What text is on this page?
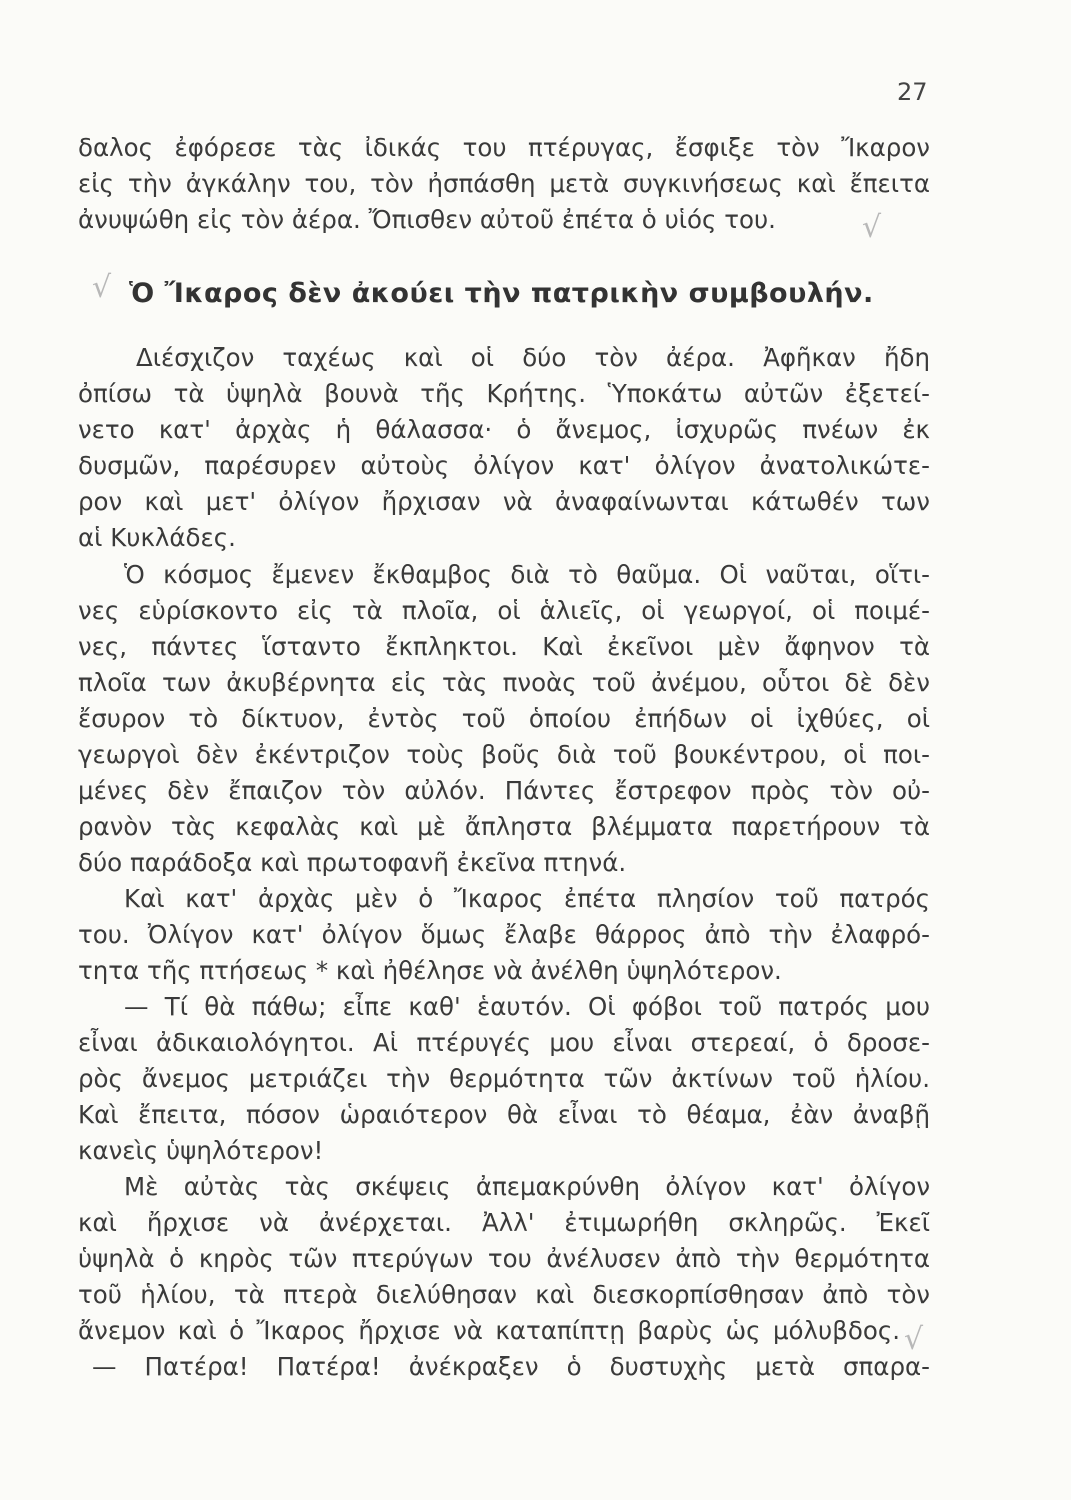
27
δαλος ἐφόρεσε τὰς ἰδικάς του πτέρυγας, ἔσφιξε τὸν Ἴκαρον
εἰς τὴν ἀγκάλην του, τὸν ἠσπάσθη μετὰ συγκινήσεως καὶ ἔπειτα
ἀνυψώθη εἰς τὸν ἀέρα. Ὄπισθεν αὐτοῦ ἐπέτα ὁ υἱός του.	√
√ Ὁ Ἴκαρος δὲν ἀκούει τὴν πατρικὴν συμβουλήν.
Διέσχιζον ταχέως καὶ οἱ δύο τὸν ἀέρα. Ἀφῆκαν ἤδη
ὀπίσω τὰ ὑψηλὰ βουνὰ τῆς Κρήτης. Ὑποκάτω αὐτῶν ἐξετεί-
νετο κατ' ἀρχὰς ἡ θάλασσα· ὁ ἄνεμος, ἰσχυρῶς πνέων ἐκ
δυσμῶν, παρέσυρεν αὐτοὺς ὀλίγον κατ' ὀλίγον ἀνατολικώτε-
ρον καὶ μετ' ὀλίγον ἤρχισαν νὰ ἀναφαίνωνται κάτωθέν των
αἱ Κυκλάδες.
Ὁ κόσμος ἔμενεν ἔκθαμβος διὰ τὸ θαῦμα. Οἱ ναῦται, οἵτι-
νες εὑρίσκοντο εἰς τὰ πλοῖα, οἱ ἁλιεῖς, οἱ γεωργοί, οἱ ποιμέ-
νες, πάντες ἵσταντο ἔκπληκτοι. Καὶ ἐκεῖνοι μὲν ἄφηνον τὰ
πλοῖα των ἀκυβέρνητα εἰς τὰς πνοὰς τοῦ ἀνέμου, οὗτοι δὲ δὲν
ἔσυρον τὸ δίκτυον, ἐντὸς τοῦ ὁποίου ἐπήδων οἱ ἰχθύες, οἱ
γεωργοὶ δὲν ἐκέντριζον τοὺς βοῦς διὰ τοῦ βουκέντρου, οἱ ποι-
μένες δὲν ἔπαιζον τὸν αὐλόν. Πάντες ἔστρεφον πρὸς τὸν οὐ-
ρανὸν τὰς κεφαλὰς καὶ μὲ ἄπληστα βλέμματα παρετήρουν τὰ
δύο παράδοξα καὶ πρωτοφανῆ ἐκεῖνα πτηνά.
Καὶ κατ' ἀρχὰς μὲν ὁ Ἴκαρος ἐπέτα πλησίον τοῦ πατρός
του. Ὀλίγον κατ' ὀλίγον ὅμως ἔλαβε θάρρος ἀπὸ τὴν ἐλαφρό-
τητα τῆς πτήσεως * καὶ ἠθέλησε νὰ ἀνέλθη ὑψηλότερον.
— Τί θὰ πάθω; εἶπε καθ' ἑαυτόν. Οἱ φόβοι τοῦ πατρός μου
εἶναι ἀδικαιολόγητοι. Αἱ πτέρυγές μου εἶναι στερεαί, ὁ δροσε-
ρὸς ἄνεμος μετριάζει τὴν θερμότητα τῶν ἀκτίνων τοῦ ἡλίου.
Καὶ ἔπειτα, πόσον ὡραιότερον θὰ εἶναι τὸ θέαμα, ἐὰν ἀναβῇ
κανεὶς ὑψηλότερον!
Μὲ αὐτὰς τὰς σκέψεις ἀπεμακρύνθη ὀλίγον κατ' ὀλίγον
καὶ ἤρχισε νὰ ἀνέρχεται. Ἀλλ' ἐτιμωρήθη σκληρῶς. Ἐκεῖ
ὑψηλὰ ὁ κηρὸς τῶν πτερύγων του ἀνέλυσεν ἀπὸ τὴν θερμότητα
τοῦ ἡλίου, τὰ πτερὰ διελύθησαν καὶ διεσκορπίσθησαν ἀπὸ τὸν
ἄνεμον καὶ ὁ Ἴκαρος ἤρχισε νὰ καταπίπτῃ βαρὺς ὡς μόλυβδος. √
— Πατέρα! Πατέρα! ἀνέκραξεν ὁ δυστυχὴς μετὰ σπαρα-
